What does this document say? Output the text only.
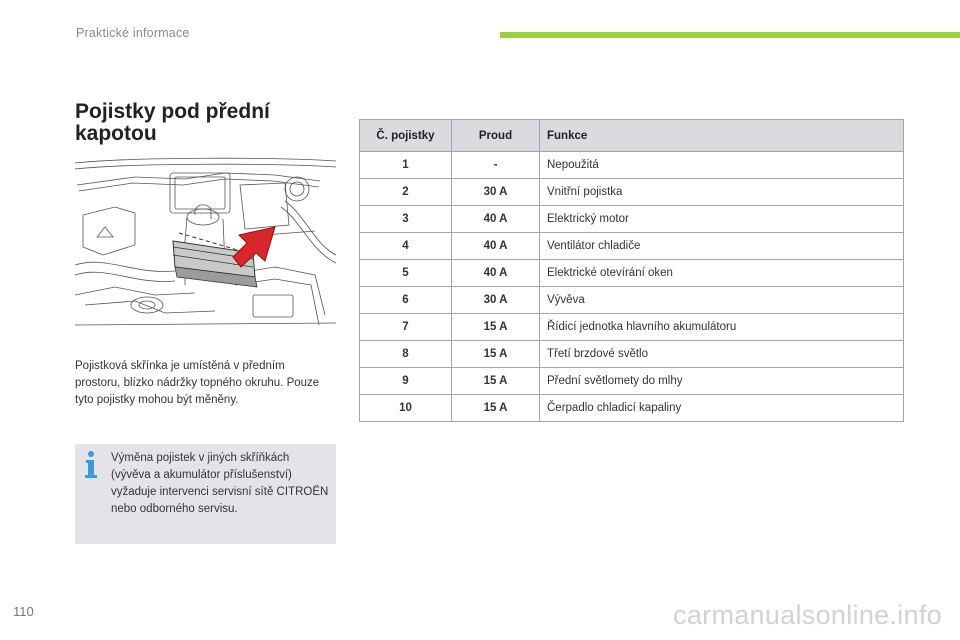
Praktické informace
Pojistky pod přední kapotou

Pojistková skřínka je umístěná v předním prostoru, blízko nádržky topného okruhu. Pouze tyto pojistky mohou být měněny.

Výměna pojistek v jiných skříňkách (vývěva a akumulátor příslušenství) vyžaduje intervenci servisní sítě CITROËN nebo odborného servisu.

Č. pojistky	Proud	Funkce
1	-	Nepoužitá
2	30 A	Vnitřní pojistka
3	40 A	Elektrický motor
4	40 A	Ventilátor chladiče
5	40 A	Elektrické otevírání oken
6	30 A	Vývěva
7	15 A	Řídicí jednotka hlavního akumulátoru
8	15 A	Třetí brzdové světlo
9	15 A	Přední světlomety do mlhy
10	15 A	Čerpadlo chladicí kapaliny
110	carmanualsonline.info
